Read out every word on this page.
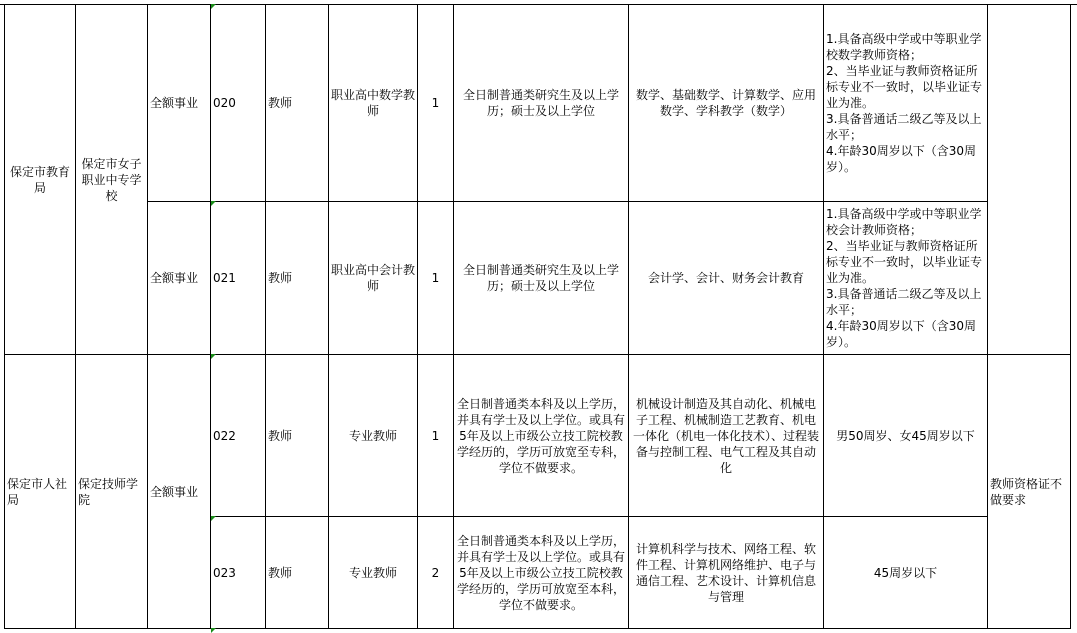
保定市教育局	保定市女子职业中专学校	全额事业	020	教师	职业高中数学教师	1	全日制普通类研究生及以上学历；硕士及以上学位	数学、基础数学、计算数学、应用数学、学科教学（数学）	1.具备高级中学或中等职业学校数学教师资格；
2、当毕业证与教师资格证所标专业不一致时，以毕业证专业为准。
3.具备普通话二级乙等及以上水平；
4.年龄30周岁以下（含30周岁）。	
		全额事业	021	教师	职业高中会计教师	1	全日制普通类研究生及以上学历；硕士及以上学位	会计学、会计、财务会计教育	1.具备高级中学或中等职业学校会计教师资格；
2、当毕业证与教师资格证所标专业不一致时，以毕业证专业为准。
3.具备普通话二级乙等及以上水平；
4.年龄30周岁以下（含30周岁）。	
保定市人社局	保定技师学院	全额事业	022	教师	专业教师	1	全日制普通类本科及以上学历，并具有学士及以上学位。或具有5年及以上市级公立技工院校教学经历的，学历可放宽至专科，学位不做要求。	机械设计制造及其自动化、机械电子工程、机械制造工艺教育、机电一体化（机电一体化技术）、过程装备与控制工程、电气工程及其自动化	男50周岁、女45周岁以下	教师资格证不做要求
			023	教师	专业教师	2	全日制普通类本科及以上学历，并具有学士及以上学位。或具有5年及以上市级公立技工院校教学经历的，学历可放宽至本科，学位不做要求。	计算机科学与技术、网络工程、软件工程、计算机网络维护、电子与通信工程、艺术设计、计算机信息与管理	45周岁以下	
